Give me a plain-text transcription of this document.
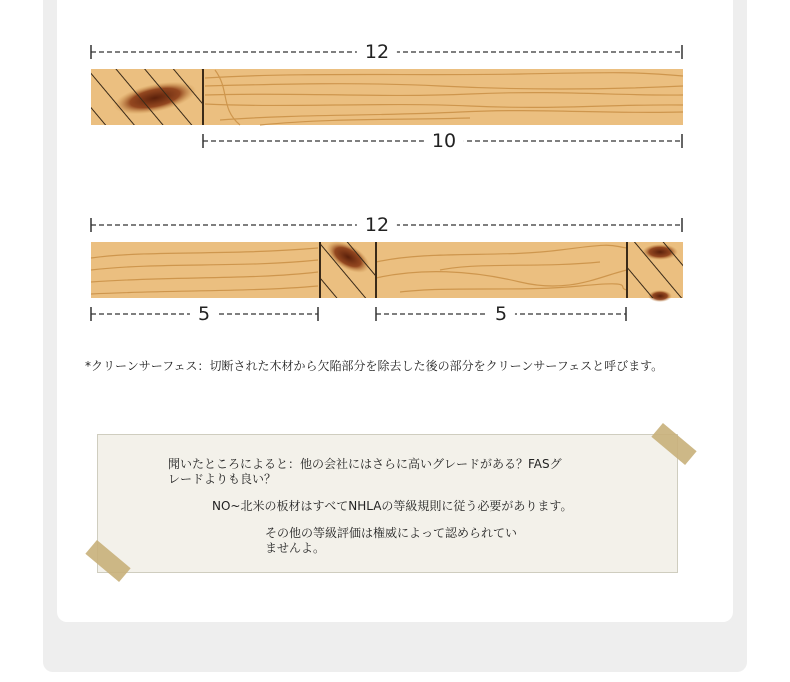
12
10
12
5	5
*クリーンサーフェス：切断された木材から欠陥部分を除去した後の部分をクリーンサーフェスと呼びます。
聞いたところによると：他の会社にはさらに高いグレードがある？FASグ
レードよりも良い？
NO~北米の板材はすべてNHLAの等級規則に従う必要があります。
その他の等級評価は権威によって認められてい
ませんよ。
